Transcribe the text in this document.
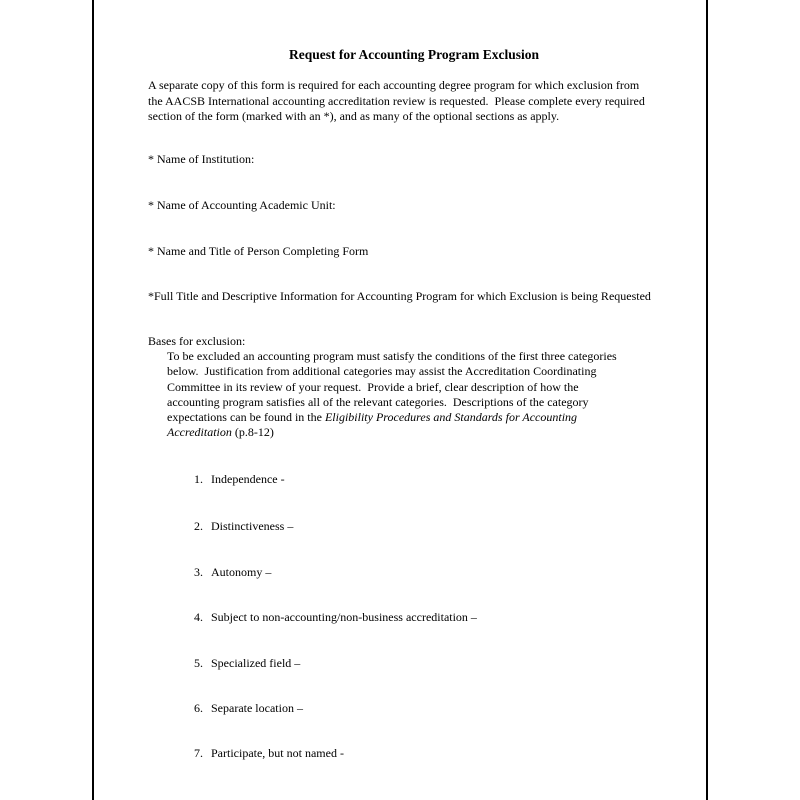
Request for Accounting Program Exclusion
A separate copy of this form is required for each accounting degree program for which exclusion from
the AACSB International accounting accreditation review is requested.  Please complete every required
section of the form (marked with an *), and as many of the optional sections as apply.
* Name of Institution:
* Name of Accounting Academic Unit:
* Name and Title of Person Completing Form
*Full Title and Descriptive Information for Accounting Program for which Exclusion is being Requested
Bases for exclusion:
To be excluded an accounting program must satisfy the conditions of the first three categories
below.  Justification from additional categories may assist the Accreditation Coordinating
Committee in its review of your request.  Provide a brief, clear description of how the
accounting program satisfies all of the relevant categories.  Descriptions of the category
expectations can be found in the Eligibility Procedures and Standards for Accounting
Accreditation (p.8-12)

1. Independence -

2. Distinctiveness –

3. Autonomy –

4. Subject to non-accounting/non-business accreditation –

5. Specialized field –

6. Separate location –

7. Participate, but not named -
